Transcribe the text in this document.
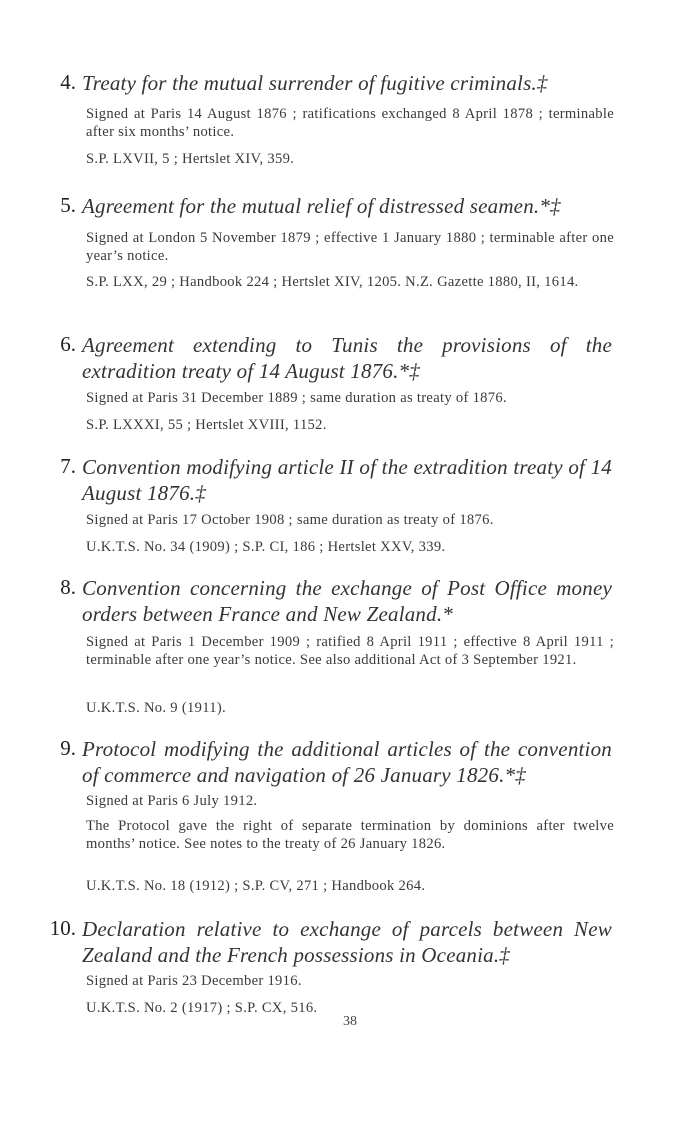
4. Treaty for the mutual surrender of fugitive criminals.‡
Signed at Paris 14 August 1876 ; ratifications exchanged 8 April 1878 ; terminable after six months’ notice.
S.P. LXVII, 5 ; Hertslet XIV, 359.
5. Agreement for the mutual relief of distressed seamen.*‡
Signed at London 5 November 1879 ; effective 1 January 1880 ; terminable after one year’s notice.
S.P. LXX, 29 ; Handbook 224 ; Hertslet XIV, 1205. N.Z. Gazette 1880, II, 1614.
6. Agreement extending to Tunis the provisions of the extradition treaty of 14 August 1876.*‡
Signed at Paris 31 December 1889 ; same duration as treaty of 1876.
S.P. LXXXI, 55 ; Hertslet XVIII, 1152.
7. Convention modifying article II of the extradition treaty of 14 August 1876.‡
Signed at Paris 17 October 1908 ; same duration as treaty of 1876.
U.K.T.S. No. 34 (1909) ; S.P. CI, 186 ; Hertslet XXV, 339.
8. Convention concerning the exchange of Post Office money orders between France and New Zealand.*
Signed at Paris 1 December 1909 ; ratified 8 April 1911 ; effective 8 April 1911 ; terminable after one year’s notice. See also additional Act of 3 September 1921.
U.K.T.S. No. 9 (1911).
9. Protocol modifying the additional articles of the convention of commerce and navigation of 26 January 1826.*‡
Signed at Paris 6 July 1912.
The Protocol gave the right of separate termination by dominions after twelve months’ notice. See notes to the treaty of 26 January 1826.
U.K.T.S. No. 18 (1912) ; S.P. CV, 271 ; Handbook 264.
10. Declaration relative to exchange of parcels between New Zealand and the French possessions in Oceania.‡
Signed at Paris 23 December 1916.
U.K.T.S. No. 2 (1917) ; S.P. CX, 516.
38
